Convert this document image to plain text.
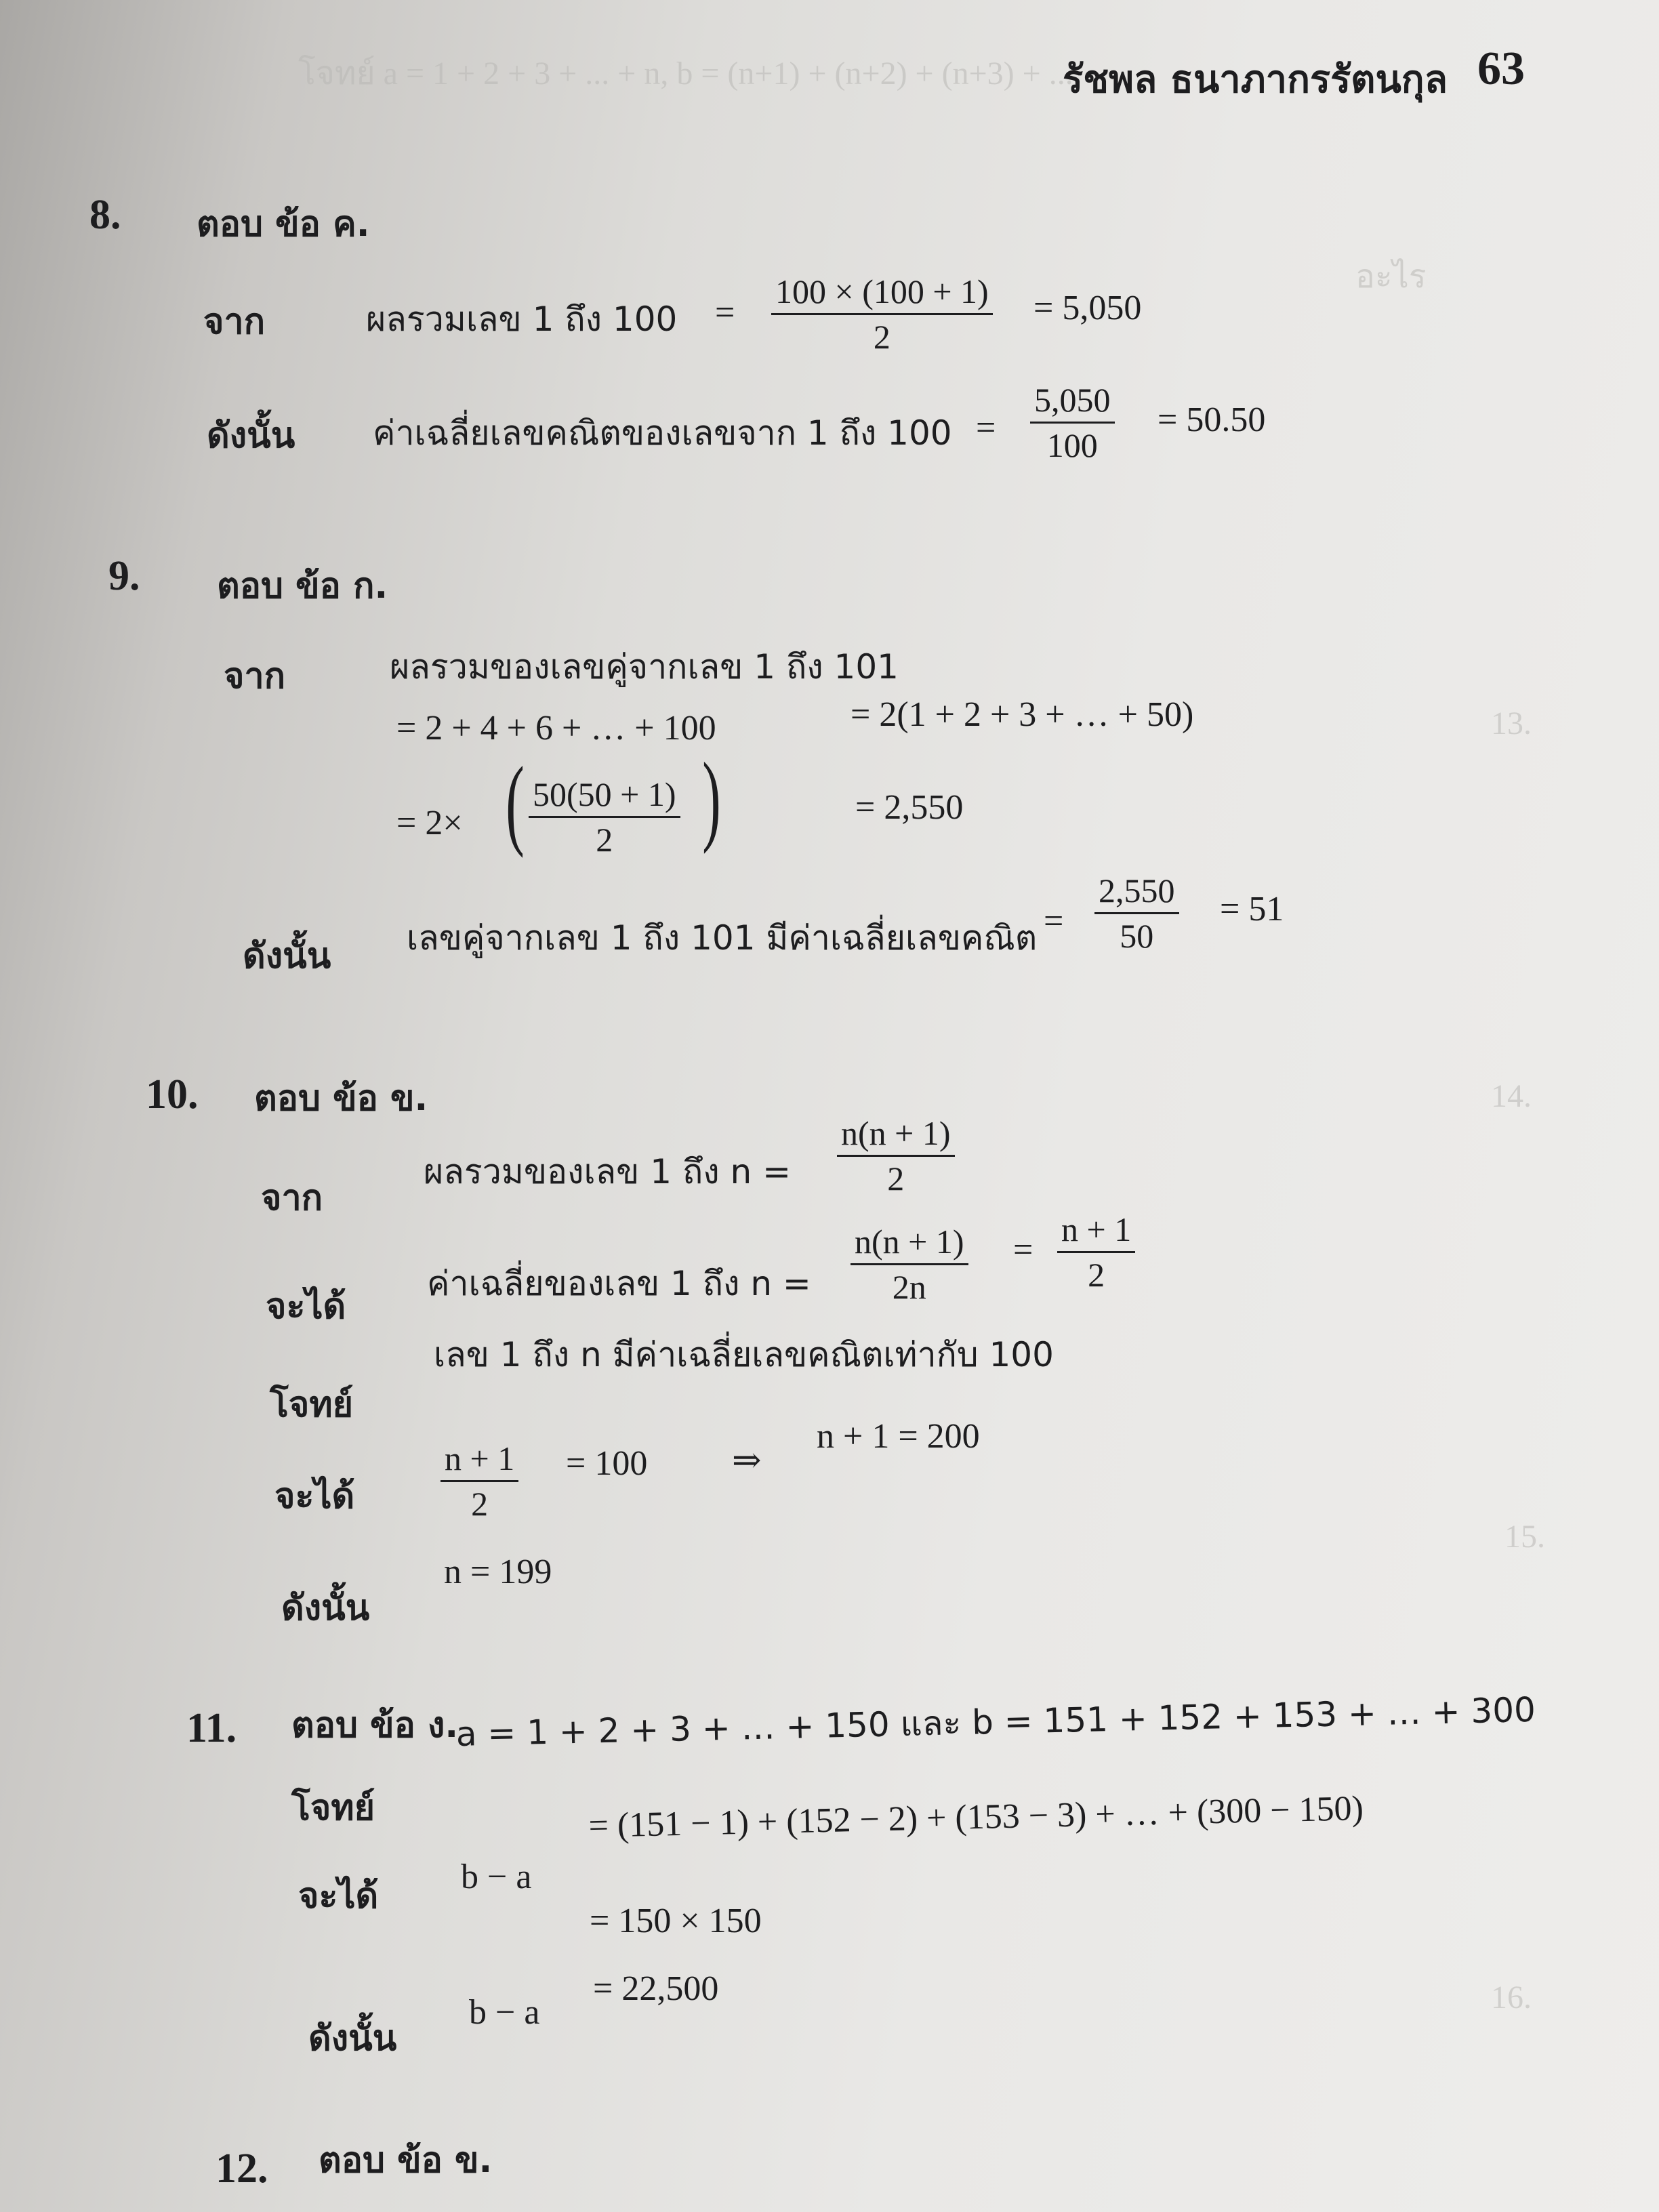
โจทย์ a = 1 + 2 + 3 + ... + n, b = (n+1) + (n+2) + (n+3) + ...
อะไร
13.
14.
15.
16.
รัชพล ธนาภากรรัตนกุล 63
8. ตอบ ข้อ ค.
จาก	ผลรวมเลข 1 ถึง 100 =
100 × (100 + 1)
2
= 5,050
ดังนั้น ค่าเฉลี่ยเลขคณิตของเลขจาก 1 ถึง 100 =
5,050
100
= 50.50
9. ตอบ ข้อ ก.
จาก	ผลรวมของเลขคู่จากเลข 1 ถึง 101
= 2 + 4 + 6 + … + 100	= 2(1 + 2 + 3 + … + 50)
= 2× ( 50(50 + 1)
2 )	= 2,550
ดังนั้น เลขคู่จากเลข 1 ถึง 101 มีค่าเฉลี่ยเลขคณิต =
2,550
50
= 51
10. ตอบ ข้อ ข.
จาก
ผลรวมของเลข 1 ถึง n =
n(n + 1)
2
จะได้
ค่าเฉลี่ยของเลข 1 ถึง n =
n(n + 1)
2n
=
n + 1
2
โจทย์
เลข 1 ถึง n มีค่าเฉลี่ยเลขคณิตเท่ากับ 100
จะได้
n + 1
2
= 100 ⇒
n + 1 = 200
ดังนั้น
n = 199
11. ตอบ ข้อ ง.
โจทย์
a = 1 + 2 + 3 + … + 150 และ b = 151 + 152 + 153 + … + 300
จะได้ b − a
= (151 − 1) + (152 − 2) + (153 − 3) + … + (300 − 150)
= 150 × 150
ดังนั้น
b − a
= 22,500
12. ตอบ ข้อ ข.
